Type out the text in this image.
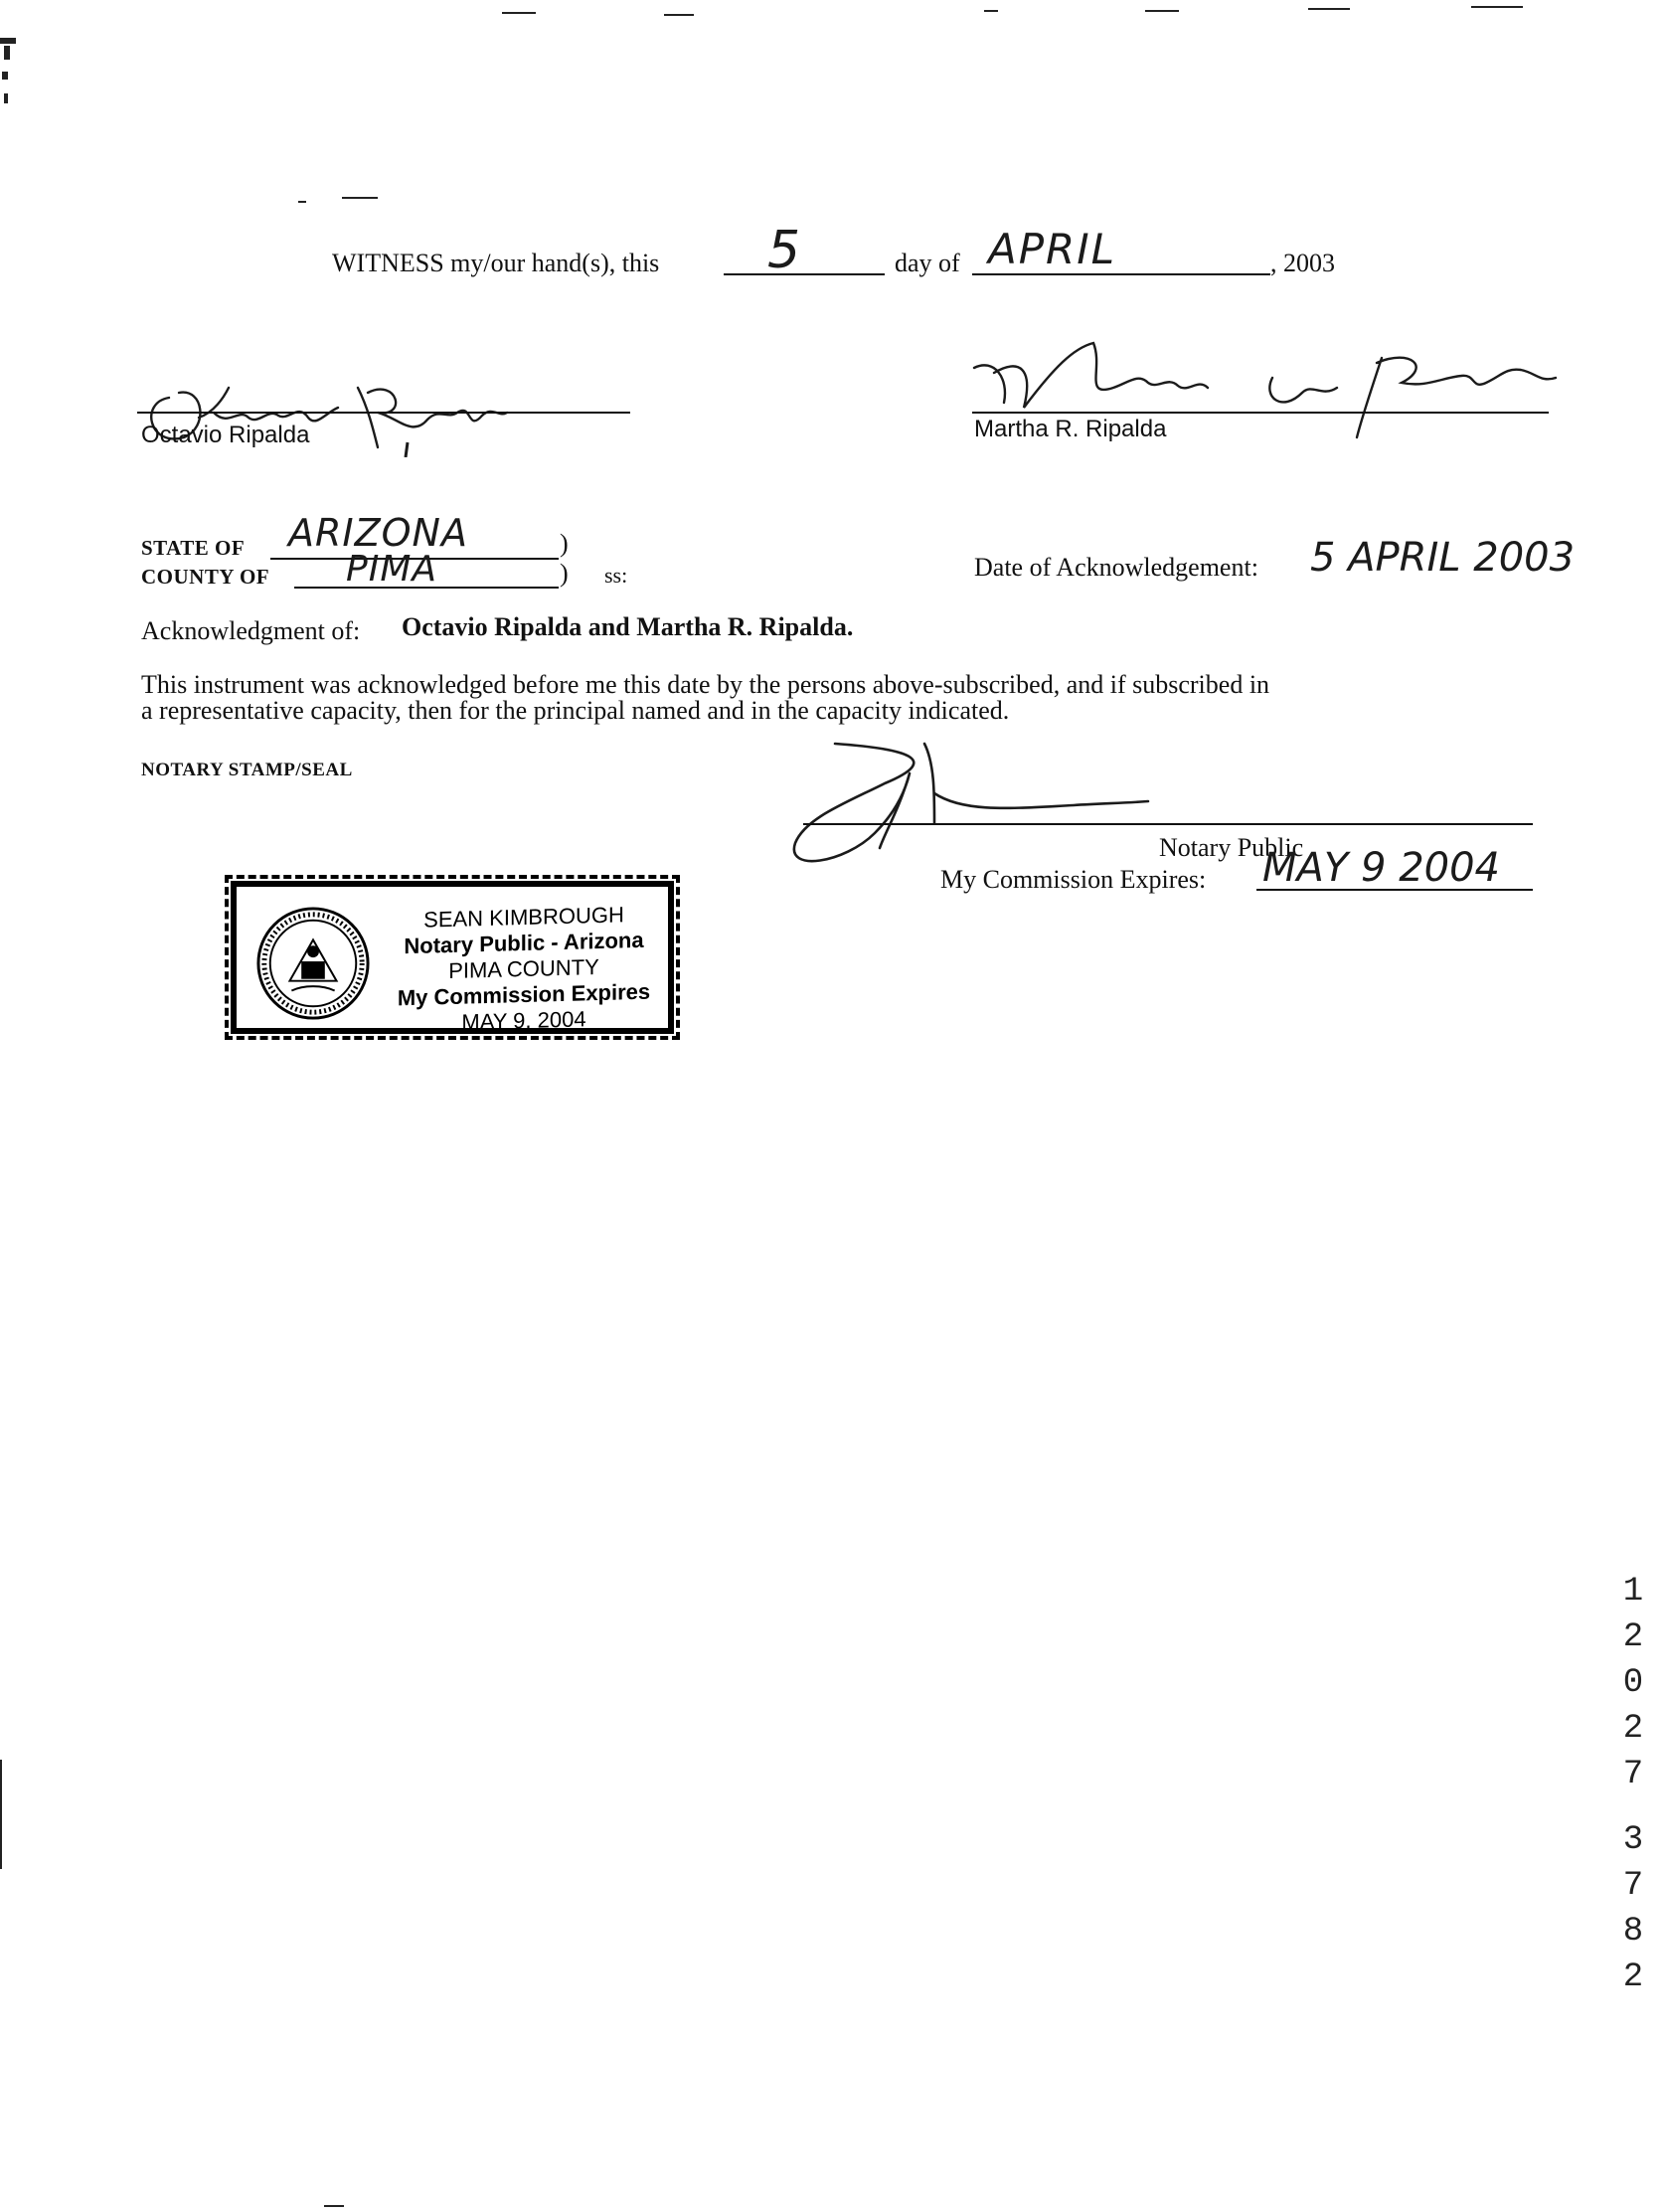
WITNESS my/our hand(s), this 5	day of APRIL	, 2003
Octavio Ripalda	Martha R. Ripalda
STATE OF ARIZONA	)
COUNTY OF PIMA	) ss:	Date of Acknowledgement: 5 APRIL 2003
Acknowledgment of: Octavio Ripalda and Martha R. Ripalda.
This instrument was acknowledged before me this date by the persons above-subscribed, and if subscribed in
a representative capacity, then for the principal named and in the capacity indicated.
NOTARY STAMP/SEAL
Notary Public
My Commission Expires: MAY 9 2004
SEAN KIMBROUGH
Notary Public - Arizona
PIMA COUNTY
My Commission Expires
MAY 9, 2004
1
2
0
2
7
3
7
8
2
